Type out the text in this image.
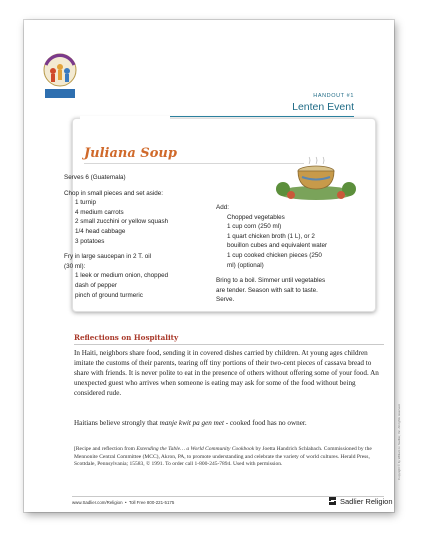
HANDOUT #1
Lenten Event
Juliana Soup
Serves 6 (Guatemala)
Chop in small pieces and set aside:
1 turnip
4 medium carrots
2 small zucchini or yellow squash
1/4 head cabbage
3 potatoes
Fry in large saucepan in 2 T. oil
(30 ml):
1 leek or medium onion, chopped
dash of pepper
pinch of ground turmeric
Add:
Chopped vegetables
1 cup corn (250 ml)
1 quart chicken broth (1 L), or 2
bouillon cubes and equivalent water
1 cup cooked chicken pieces (250
ml) (optional)
Bring to a boil. Simmer until vegetables
are tender. Season with salt to taste.
Serve.
Reflections on Hospitality
In Haiti, neighbors share food, sending it in covered dishes carried by children. At young ages children imitate the customs of their parents, tearing off tiny portions of their two-cent pieces of cassava bread to share with friends. It is never polite to eat in the presence of others without offering some of your food. An unexpected guest who arrives when someone is eating may ask for some of the food without being considered rude.
Haitians believe strongly that manje kwit pa gen met - cooked food has no owner.
[Recipe and reflection from Extending the Table… a World Community Cookbook by Joetta Handrich Schlabach. Commissioned by the Mennonite Central Committee (MCC), Akron, PA, to promote understanding and celebrate the variety of world cultures. Herald Press, Scottdale, Pennsylvania; 15583, © 1991. To order call 1-800-245-7894. Used with permission.
www.Sadlier.com/Religion  •  Toll Free 800-221-5175	Sadlier Religion
Copyright © by William H. Sadlier, Inc. All rights reserved.
